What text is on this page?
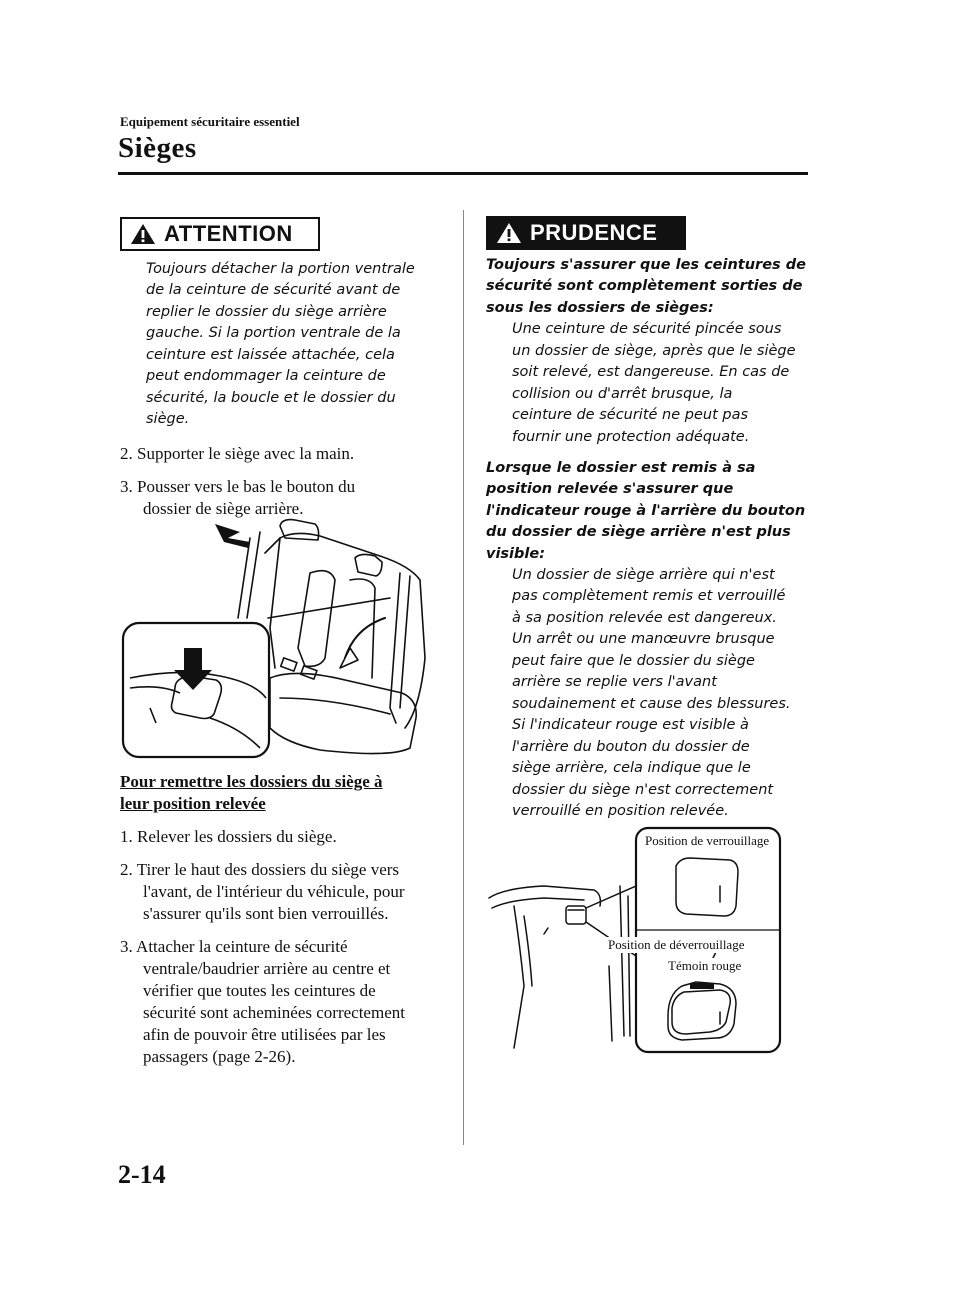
Equipement sécuritaire essentiel
Sièges
ATTENTION
Toujours détacher la portion ventrale
de la ceinture de sécurité avant de
replier le dossier du siège arrière
gauche. Si la portion ventrale de la
ceinture est laissée attachée, cela
peut endommager la ceinture de
sécurité, la boucle et le dossier du
siège.
2. Supporter le siège avec la main.
3. Pousser vers le bas le bouton du
dossier de siège arrière.
Pour remettre les dossiers du siège à
leur position relevée
1. Relever les dossiers du siège.
2. Tirer le haut des dossiers du siège vers
l'avant, de l'intérieur du véhicule, pour
s'assurer qu'ils sont bien verrouillés.
3. Attacher la ceinture de sécurité
ventrale/baudrier arrière au centre et
vérifier que toutes les ceintures de
sécurité sont acheminées correctement
afin de pouvoir être utilisées par les
passagers (page 2-26).
PRUDENCE
Toujours s'assurer que les ceintures de
sécurité sont complètement sorties de
sous les dossiers de sièges:
Une ceinture de sécurité pincée sous
un dossier de siège, après que le siège
soit relevé, est dangereuse. En cas de
collision ou d'arrêt brusque, la
ceinture de sécurité ne peut pas
fournir une protection adéquate.
Lorsque le dossier est remis à sa
position relevée s'assurer que
l'indicateur rouge à l'arrière du bouton
du dossier de siège arrière n'est plus
visible:
Un dossier de siège arrière qui n'est
pas complètement remis et verrouillé
à sa position relevée est dangereux.
Un arrêt ou une manœuvre brusque
peut faire que le dossier du siège
arrière se replie vers l'avant
soudainement et cause des blessures.
Si l'indicateur rouge est visible à
l'arrière du bouton du dossier de
siège arrière, cela indique que le
dossier du siège n'est correctement
verrouillé en position relevée.
Position de verrouillage
Position de déverrouillage
Témoin rouge
2-14
